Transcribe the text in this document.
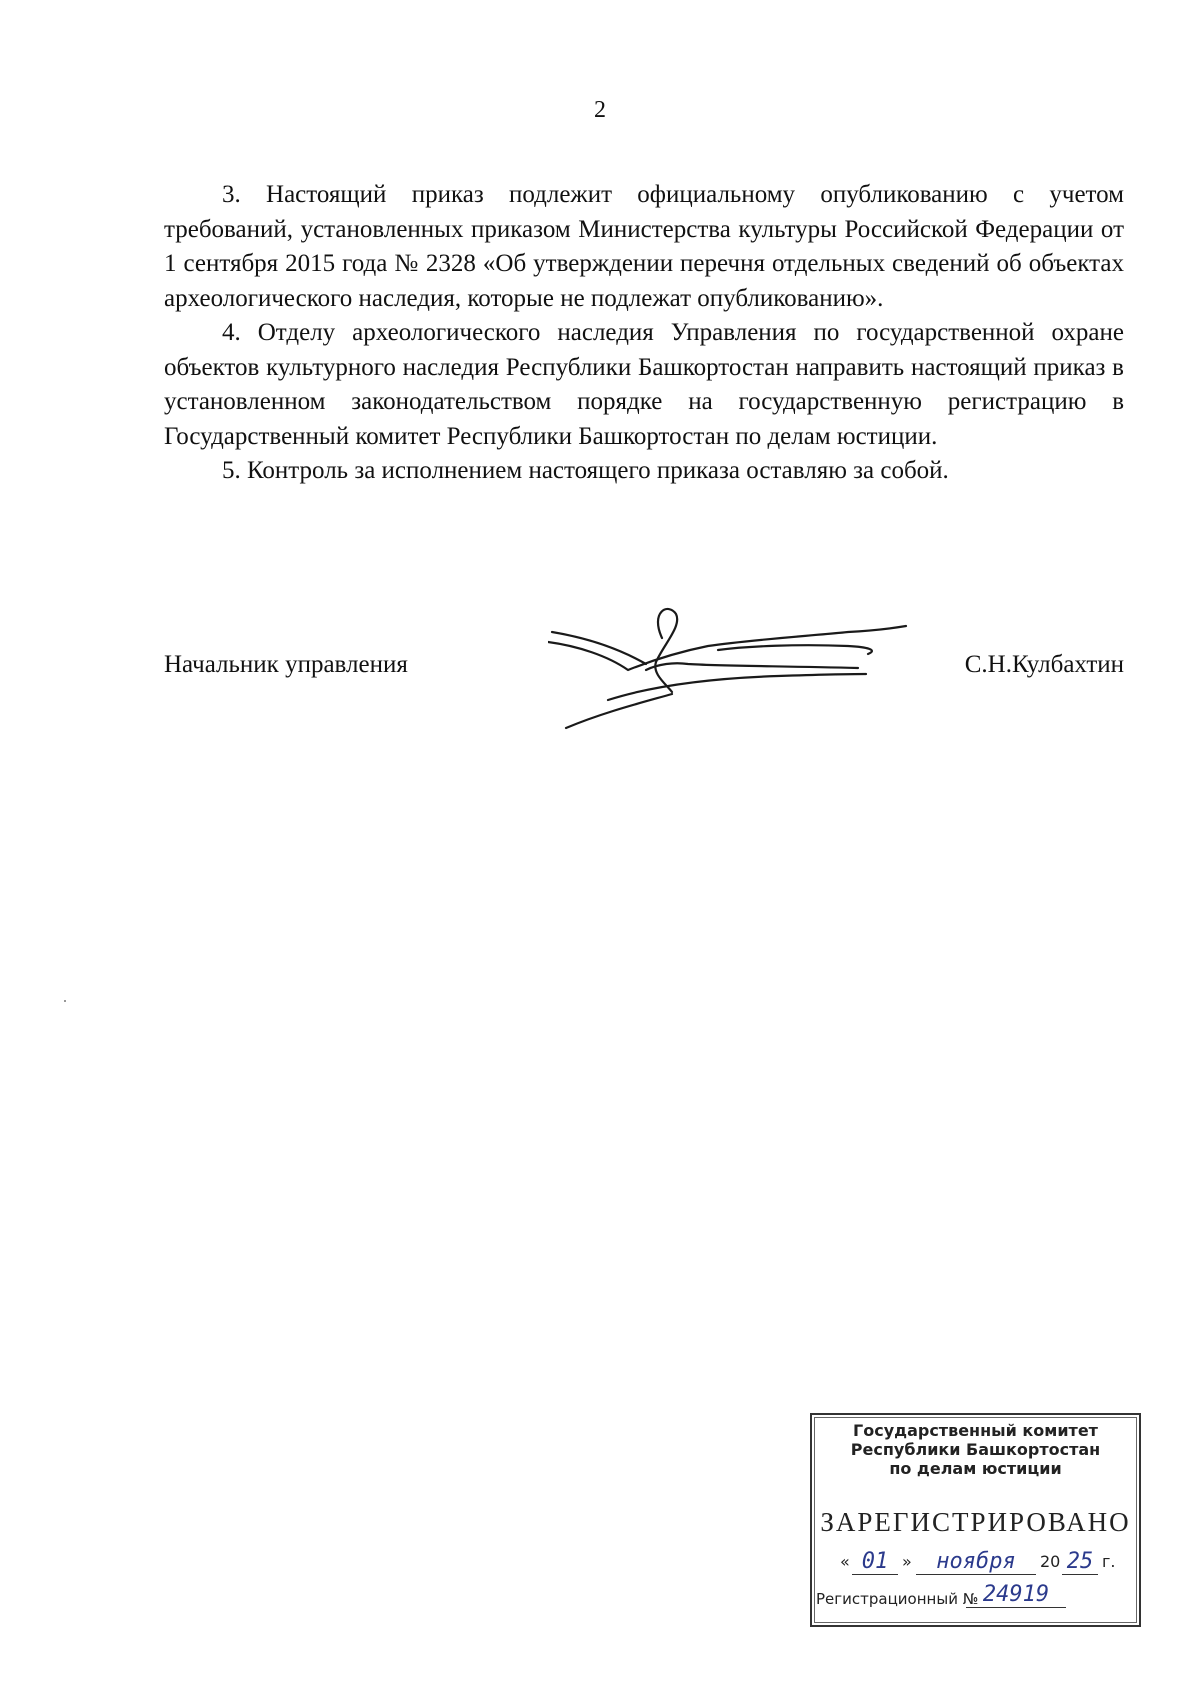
2

3. Настоящий приказ подлежит официальному опубликованию с учетом требований, установленных приказом Министерства культуры Российской Федерации от 1 сентября 2015 года № 2328 «Об утверждении перечня отдельных сведений об объектах археологического наследия, которые не подлежат опубликованию».

4. Отделу археологического наследия Управления по государственной охране объектов культурного наследия Республики Башкортостан направить настоящий приказ в установленном законодательством порядке на государственную регистрацию в Государственный комитет Республики Башкортостан по делам юстиции.

5. Контроль за исполнением настоящего приказа оставляю за собой.

Начальник управления	С.Н.Кулбахтин
Государственный комитет
Республики Башкортостан
по делам юстиции
ЗАРЕГИСТРИРОВАНО
« 01 »	ноября	20 25 г.
Регистрационный № 24919
